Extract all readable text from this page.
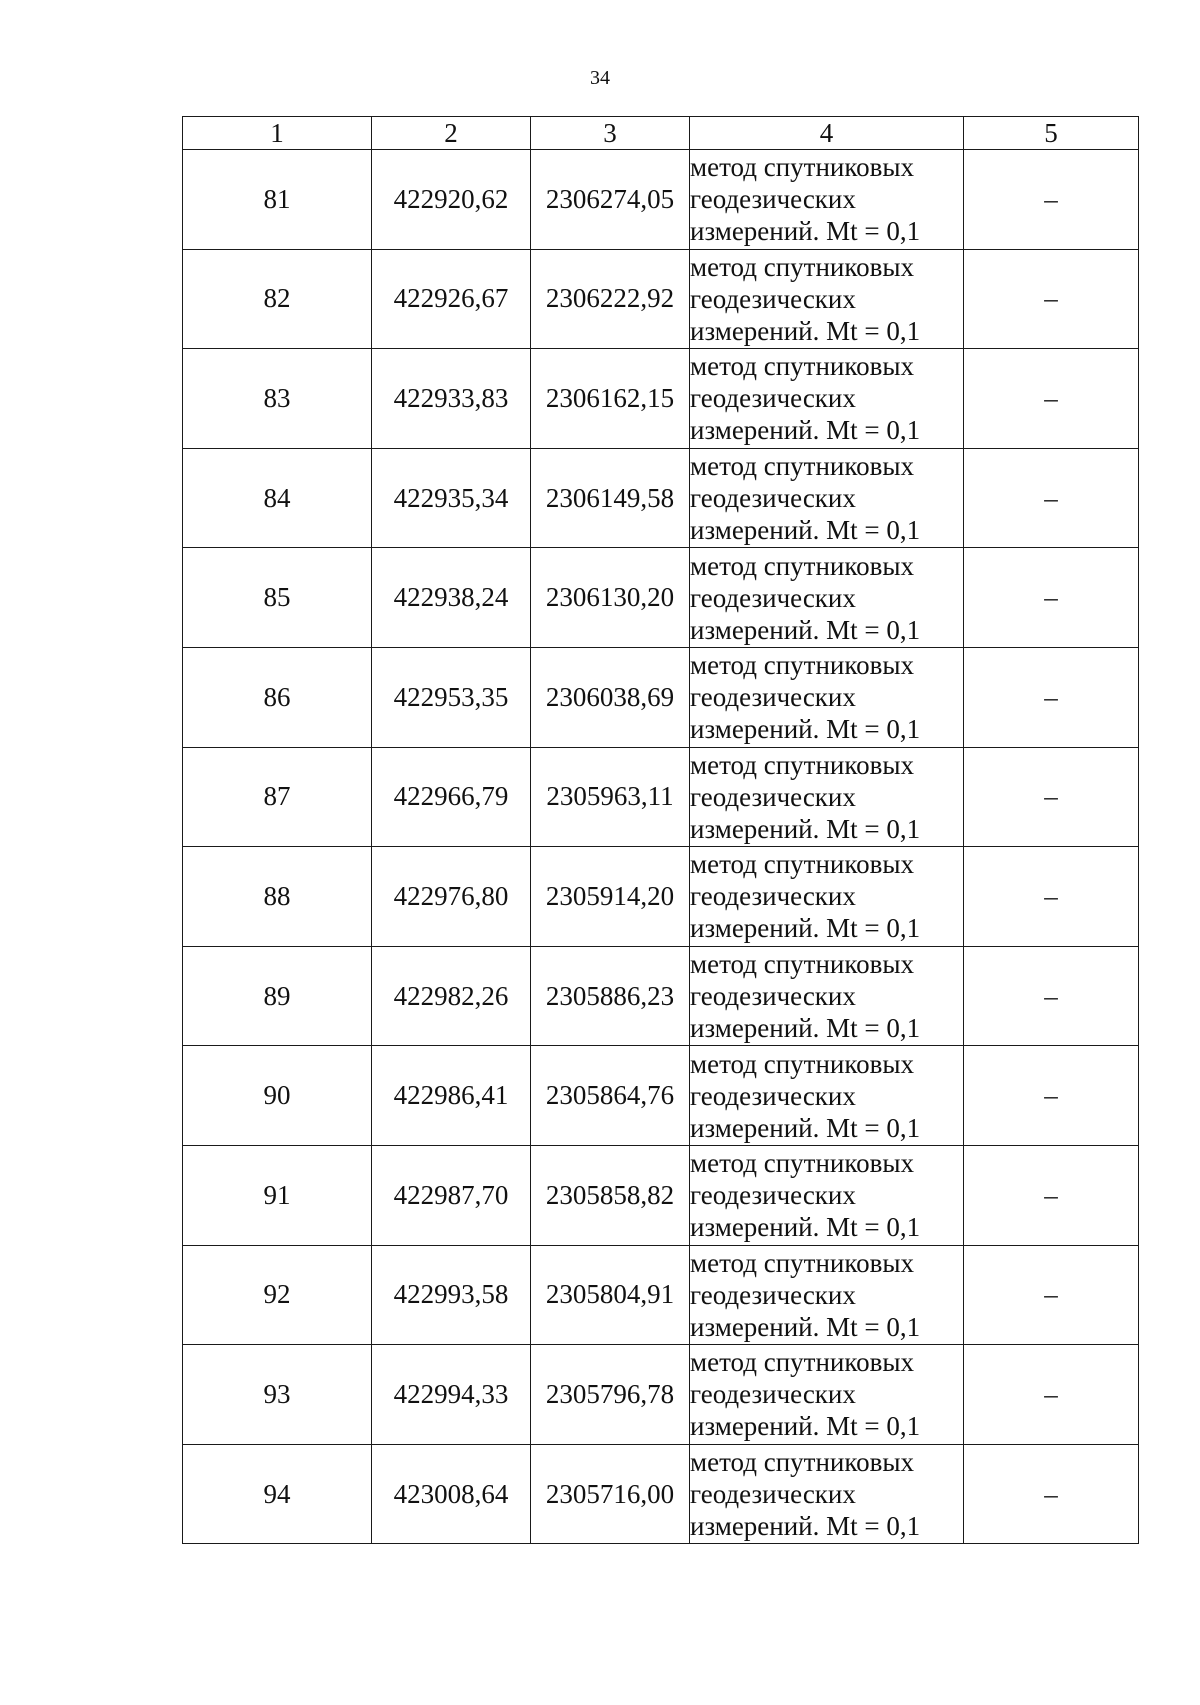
34
1	2	3	4	5
81	422920,62	2306274,05	метод спутниковых
геодезических
измерений. Mt = 0,1	–
82	422926,67	2306222,92	метод спутниковых
геодезических
измерений. Mt = 0,1	–
83	422933,83	2306162,15	метод спутниковых
геодезических
измерений. Mt = 0,1	–
84	422935,34	2306149,58	метод спутниковых
геодезических
измерений. Mt = 0,1	–
85	422938,24	2306130,20	метод спутниковых
геодезических
измерений. Mt = 0,1	–
86	422953,35	2306038,69	метод спутниковых
геодезических
измерений. Mt = 0,1	–
87	422966,79	2305963,11	метод спутниковых
геодезических
измерений. Mt = 0,1	–
88	422976,80	2305914,20	метод спутниковых
геодезических
измерений. Mt = 0,1	–
89	422982,26	2305886,23	метод спутниковых
геодезических
измерений. Mt = 0,1	–
90	422986,41	2305864,76	метод спутниковых
геодезических
измерений. Mt = 0,1	–
91	422987,70	2305858,82	метод спутниковых
геодезических
измерений. Mt = 0,1	–
92	422993,58	2305804,91	метод спутниковых
геодезических
измерений. Mt = 0,1	–
93	422994,33	2305796,78	метод спутниковых
геодезических
измерений. Mt = 0,1	–
94	423008,64	2305716,00	метод спутниковых
геодезических
измерений. Mt = 0,1	–
